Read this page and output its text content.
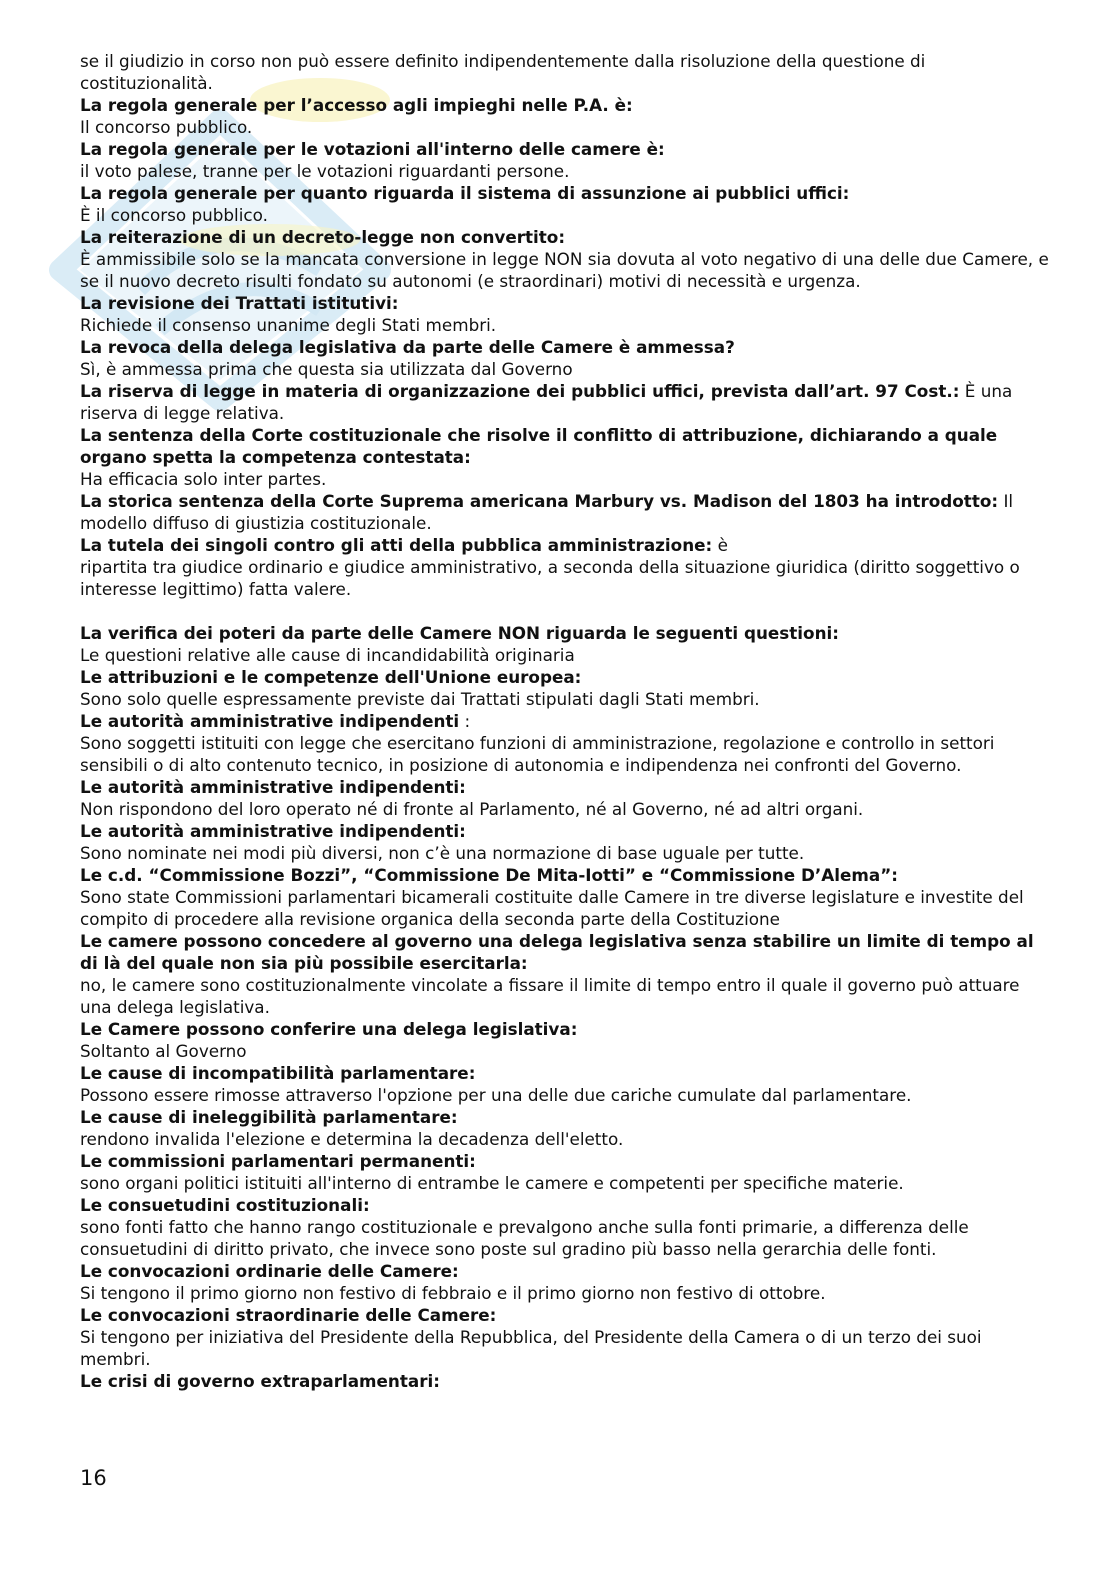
se il giudizio in corso non può essere definito indipendentemente dalla risoluzione della questione di costituzionalità.
La regola generale per l’accesso agli impieghi nelle P.A. è:
Il concorso pubblico.
La regola generale per le votazioni all'interno delle camere è:
il voto palese, tranne per le votazioni riguardanti persone.
La regola generale per quanto riguarda il sistema di assunzione ai pubblici uffici:
È il concorso pubblico.
La reiterazione di un decreto-legge non convertito:
È ammissibile solo se la mancata conversione in legge NON sia dovuta al voto negativo di una delle due Camere, e se il nuovo decreto risulti fondato su autonomi (e straordinari) motivi di necessità e urgenza.
La revisione dei Trattati istitutivi:
Richiede il consenso unanime degli Stati membri.
La revoca della delega legislativa da parte delle Camere è ammessa?
Sì, è ammessa prima che questa sia utilizzata dal Governo
La riserva di legge in materia di organizzazione dei pubblici uffici, prevista dall’art. 97 Cost.: È una riserva di legge relativa.
La sentenza della Corte costituzionale che risolve il conflitto di attribuzione, dichiarando a quale organo spetta la competenza contestata:
Ha efficacia solo inter partes.
La storica sentenza della Corte Suprema americana Marbury vs. Madison del 1803 ha introdotto: Il modello diffuso di giustizia costituzionale.
La tutela dei singoli contro gli atti della pubblica amministrazione: è
ripartita tra giudice ordinario e giudice amministrativo, a seconda della situazione giuridica (diritto soggettivo o interesse legittimo) fatta valere.
La verifica dei poteri da parte delle Camere NON riguarda le seguenti questioni:
Le questioni relative alle cause di incandidabilità originaria
Le attribuzioni e le competenze dell'Unione europea:
Sono solo quelle espressamente previste dai Trattati stipulati dagli Stati membri.
Le autorità amministrative indipendenti :
Sono soggetti istituiti con legge che esercitano funzioni di amministrazione, regolazione e controllo in settori sensibili o di alto contenuto tecnico, in posizione di autonomia e indipendenza nei confronti del Governo.
Le autorità amministrative indipendenti:
Non rispondono del loro operato né di fronte al Parlamento, né al Governo, né ad altri organi.
Le autorità amministrative indipendenti:
Sono nominate nei modi più diversi, non c’è una normazione di base uguale per tutte.
Le c.d. “Commissione Bozzi”, “Commissione De Mita-Iotti” e “Commissione D’Alema”:
Sono state Commissioni parlamentari bicamerali costituite dalle Camere in tre diverse legislature e investite del compito di procedere alla revisione organica della seconda parte della Costituzione
Le camere possono concedere al governo una delega legislativa senza stabilire un limite di tempo al di là del quale non sia più possibile esercitarla:
no, le camere sono costituzionalmente vincolate a fissare il limite di tempo entro il quale il governo può attuare una delega legislativa.
Le Camere possono conferire una delega legislativa:
Soltanto al Governo
Le cause di incompatibilità parlamentare:
Possono essere rimosse attraverso l'opzione per una delle due cariche cumulate dal parlamentare.
Le cause di ineleggibilità parlamentare:
rendono invalida l'elezione e determina la decadenza dell'eletto.
Le commissioni parlamentari permanenti:
sono organi politici istituiti all'interno di entrambe le camere e competenti per specifiche materie.
Le consuetudini costituzionali:
sono fonti fatto che hanno rango costituzionale e prevalgono anche sulla fonti primarie, a differenza delle consuetudini di diritto privato, che invece sono poste sul gradino più basso nella gerarchia delle fonti.
Le convocazioni ordinarie delle Camere:
Si tengono il primo giorno non festivo di febbraio e il primo giorno non festivo di ottobre.
Le convocazioni straordinarie delle Camere:
Si tengono per iniziativa del Presidente della Repubblica, del Presidente della Camera o di un terzo dei suoi membri.
Le crisi di governo extraparlamentari:
16
